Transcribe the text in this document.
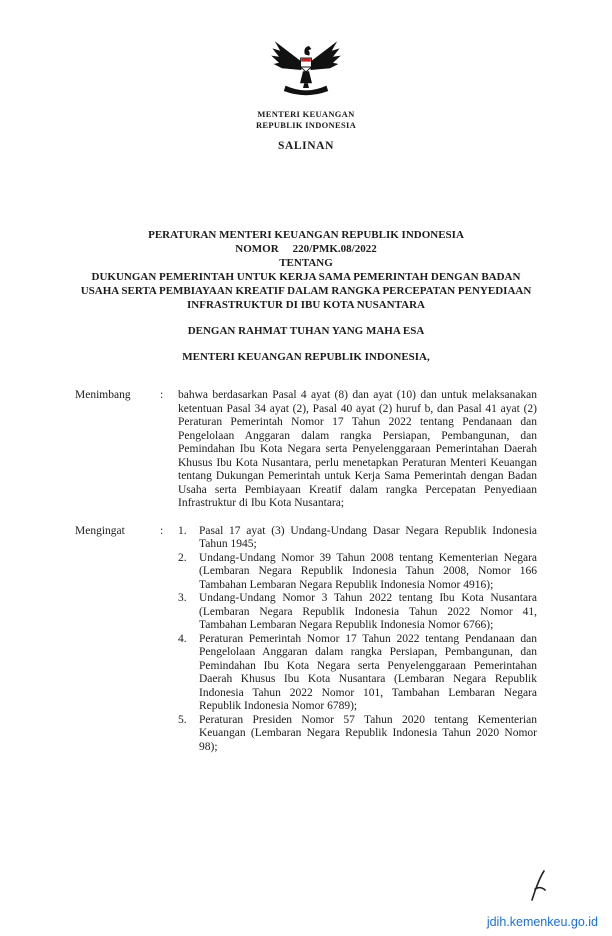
MENTERI KEUANGAN
REPUBLIK INDONESIA
SALINAN
PERATURAN MENTERI KEUANGAN REPUBLIK INDONESIA
NOMOR 220/PMK.08/2022
TENTANG
DUKUNGAN PEMERINTAH UNTUK KERJA SAMA PEMERINTAH DENGAN BADAN USAHA SERTA PEMBIAYAAN KREATIF DALAM RANGKA PERCEPATAN PENYEDIAAN INFRASTRUKTUR DI IBU KOTA NUSANTARA
DENGAN RAHMAT TUHAN YANG MAHA ESA
MENTERI KEUANGAN REPUBLIK INDONESIA,
Menimbang	:	bahwa berdasarkan Pasal 4 ayat (8) dan ayat (10) dan untuk melaksanakan ketentuan Pasal 34 ayat (2), Pasal 40 ayat (2) huruf b, dan Pasal 41 ayat (2) Peraturan Pemerintah Nomor 17 Tahun 2022 tentang Pendanaan dan Pengelolaan Anggaran dalam rangka Persiapan, Pembangunan, dan Pemindahan Ibu Kota Negara serta Penyelenggaraan Pemerintahan Daerah Khusus Ibu Kota Nusantara, perlu menetapkan Peraturan Menteri Keuangan tentang Dukungan Pemerintah untuk Kerja Sama Pemerintah dengan Badan Usaha serta Pembiayaan Kreatif dalam rangka Percepatan Penyediaan Infrastruktur di Ibu Kota Nusantara;
Mengingat	:	1.	Pasal 17 ayat (3) Undang-Undang Dasar Negara Republik Indonesia Tahun 1945;
2.	Undang-Undang Nomor 39 Tahun 2008 tentang Kementerian Negara (Lembaran Negara Republik Indonesia Tahun 2008, Nomor 166 Tambahan Lembaran Negara Republik Indonesia Nomor 4916);
3.	Undang-Undang Nomor 3 Tahun 2022 tentang Ibu Kota Nusantara (Lembaran Negara Republik Indonesia Tahun 2022 Nomor 41, Tambahan Lembaran Negara Republik Indonesia Nomor 6766);
4.	Peraturan Pemerintah Nomor 17 Tahun 2022 tentang Pendanaan dan Pengelolaan Anggaran dalam rangka Persiapan, Pembangunan, dan Pemindahan Ibu Kota Negara serta Penyelenggaraan Pemerintahan Daerah Khusus Ibu Kota Nusantara (Lembaran Negara Republik Indonesia Tahun 2022 Nomor 101, Tambahan Lembaran Negara Republik Indonesia Nomor 6789);
5.	Peraturan Presiden Nomor 57 Tahun 2020 tentang Kementerian Keuangan (Lembaran Negara Republik Indonesia Tahun 2020 Nomor 98);
jdih.kemenkeu.go.id
